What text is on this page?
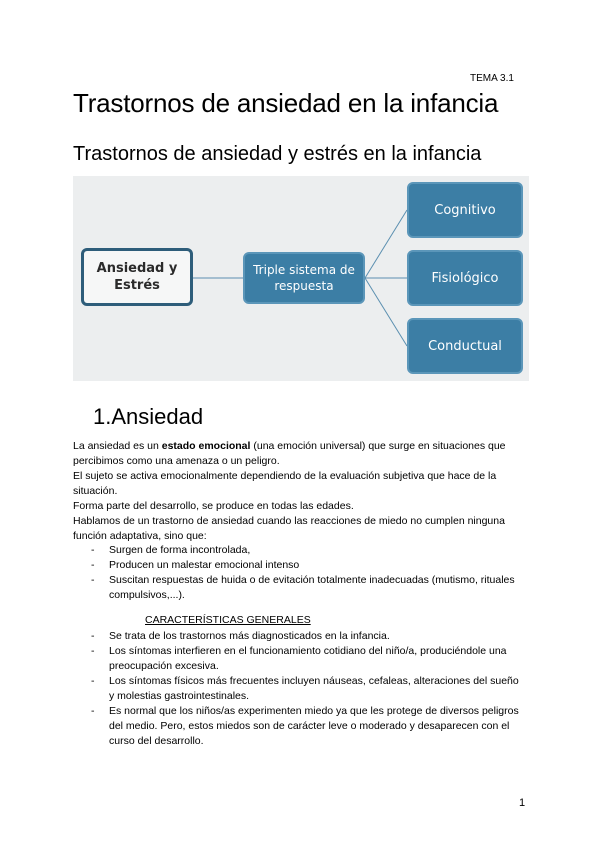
TEMA 3.1
Trastornos de ansiedad en la infancia
Trastornos de ansiedad y estrés en la infancia
Ansiedad y
Estrés
Triple sistema de
respuesta
Cognitivo
Fisiológico
Conductual
1.Ansiedad

La ansiedad es un estado emocional (una emoción universal) que surge en situaciones que percibimos como una amenaza o un peligro.

El sujeto se activa emocionalmente dependiendo de la evaluación subjetiva que hace de la situación.

Forma parte del desarrollo, se produce en todas las edades.

Hablamos de un trastorno de ansiedad cuando las reacciones de miedo no cumplen ninguna función adaptativa, sino que:

- Surgen de forma incontrolada,
- Producen un malestar emocional intenso
- Suscitan respuestas de huida o de evitación totalmente inadecuadas (mutismo, rituales compulsivos,...).
CARACTERÍSTICAS GENERALES
- Se trata de los trastornos más diagnosticados en la infancia.
- Los síntomas interfieren en el funcionamiento cotidiano del niño/a, produciéndole una preocupación excesiva.
- Los síntomas físicos más frecuentes incluyen náuseas, cefaleas, alteraciones del sueño y molestias gastrointestinales.
- Es normal que los niños/as experimenten miedo ya que les protege de diversos peligros del medio. Pero, estos miedos son de carácter leve o moderado y desaparecen con el curso del desarrollo.
1
